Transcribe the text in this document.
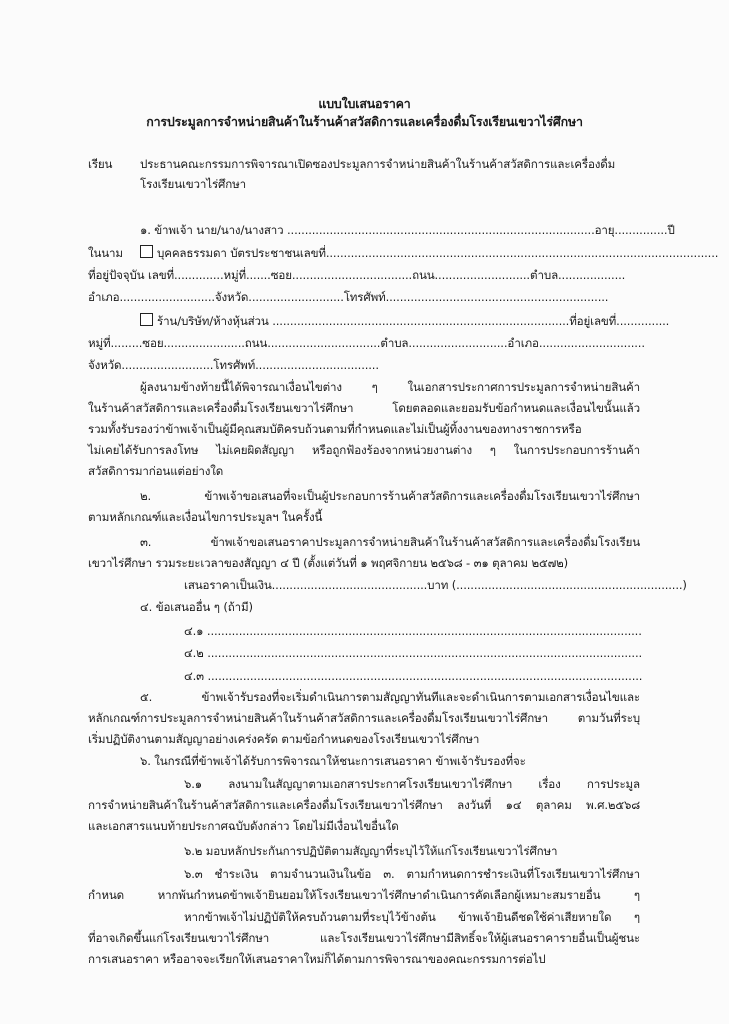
แบบใบเสนอราคา
การประมูลการจำหน่ายสินค้าในร้านค้าสวัสดิการและเครื่องดื่มโรงเรียนเขวาไร่ศึกษา
เรียน ประธานคณะกรรมการพิจารณาเปิดซองประมูลการจำหน่ายสินค้าในร้านค้าสวัสดิการและเครื่องดื่ม
โรงเรียนเขวาไร่ศึกษา
๑. ข้าพเจ้า นาย/นาง/นางสาว .......................................................................................อายุ...............ปี
ในนาม	บุคคลธรรมดา บัตรประชาชนเลขที่...............................................................................................................
ที่อยู่ปัจจุบัน เลขที่..............หมู่ที่.......ซอย..................................ถนน...........................ตำบล...................
อำเภอ...........................จังหวัด...........................โทรศัพท์...............................................................
ร้าน/บริษัท/ห้างหุ้นส่วน ....................................................................................ที่อยู่เลขที่...............
หมู่ที่.........ซอย.......................ถนน................................ตำบล............................อำเภอ..............................
จังหวัด..........................โทรศัพท์...................................
ผู้ลงนามข้างท้ายนี้ได้พิจารณาเงื่อนไขต่าง ๆ ในเอกสารประกาศการประมูลการจำหน่ายสินค้า
ในร้านค้าสวัสดิการและเครื่องดื่มโรงเรียนเขวาไร่ศึกษา โดยตลอดและยอมรับข้อกำหนดและเงื่อนไขนั้นแล้ว
รวมทั้งรับรองว่าข้าพเจ้าเป็นผู้มีคุณสมบัติครบถ้วนตามที่กำหนดและไม่เป็นผู้ทิ้งงานของทางราชการหรือ
ไม่เคยได้รับการลงโทษ ไม่เคยผิดสัญญา หรือถูกฟ้องร้องจากหน่วยงานต่าง ๆ ในการประกอบการร้านค้า
สวัสดิการมาก่อนแต่อย่างใด
๒. ข้าพเจ้าขอเสนอที่จะเป็นผู้ประกอบการร้านค้าสวัสดิการและเครื่องดื่มโรงเรียนเขวาไร่ศึกษา
ตามหลักเกณฑ์และเงื่อนไขการประมูลฯ ในครั้งนี้
๓. ข้าพเจ้าขอเสนอราคาประมูลการจำหน่ายสินค้าในร้านค้าสวัสดิการและเครื่องดื่มโรงเรียน
เขวาไร่ศึกษา รวมระยะเวลาของสัญญา ๔ ปี (ตั้งแต่วันที่ ๑ พฤศจิกายน ๒๕๖๘ - ๓๑ ตุลาคม ๒๕๗๒)
เสนอราคาเป็นเงิน............................................บาท (................................................................)
๔. ข้อเสนออื่น ๆ (ถ้ามี)
๔.๑ ...........................................................................................................................
๔.๒ ...........................................................................................................................
๔.๓ ...........................................................................................................................
๕. ข้าพเจ้ารับรองที่จะเริ่มดำเนินการตามสัญญาทันทีและจะดำเนินการตามเอกสารเงื่อนไขและ
หลักเกณฑ์การประมูลการจำหน่ายสินค้าในร้านค้าสวัสดิการและเครื่องดื่มโรงเรียนเขวาไร่ศึกษา ตามวันที่ระบุ
เริ่มปฏิบัติงานตามสัญญาอย่างเคร่งครัด ตามข้อกำหนดของโรงเรียนเขวาไร่ศึกษา
๖. ในกรณีที่ข้าพเจ้าได้รับการพิจารณาให้ชนะการเสนอราคา ข้าพเจ้ารับรองที่จะ
๖.๑ ลงนามในสัญญาตามเอกสารประกาศโรงเรียนเขวาไร่ศึกษา เรื่อง การประมูล
การจำหน่ายสินค้าในร้านค้าสวัสดิการและเครื่องดื่มโรงเรียนเขวาไร่ศึกษา ลงวันที่ ๑๔ ตุลาคม พ.ศ.๒๕๖๘
และเอกสารแนบท้ายประกาศฉบับดังกล่าว โดยไม่มีเงื่อนไขอื่นใด
๖.๒ มอบหลักประกันการปฏิบัติตามสัญญาที่ระบุไว้ให้แก่โรงเรียนเขวาไร่ศึกษา
๖.๓ ชำระเงิน ตามจำนวนเงินในข้อ ๓. ตามกำหนดการชำระเงินที่โรงเรียนเขวาไร่ศึกษา
กำหนด หากพ้นกำหนดข้าพเจ้ายินยอมให้โรงเรียนเขวาไร่ศึกษาดำเนินการคัดเลือกผู้เหมาะสมรายอื่น ๆ
หากข้าพเจ้าไม่ปฏิบัติให้ครบถ้วนตามที่ระบุไว้ข้างต้น ข้าพเจ้ายินดีชดใช้ค่าเสียหายใด ๆ
ที่อาจเกิดขึ้นแก่โรงเรียนเขวาไร่ศึกษา และโรงเรียนเขวาไร่ศึกษามีสิทธิ์จะให้ผู้เสนอราคารายอื่นเป็นผู้ชนะ
การเสนอราคา หรืออาจจะเรียกให้เสนอราคาใหม่ก็ได้ตามการพิจารณาของคณะกรรมการต่อไป
